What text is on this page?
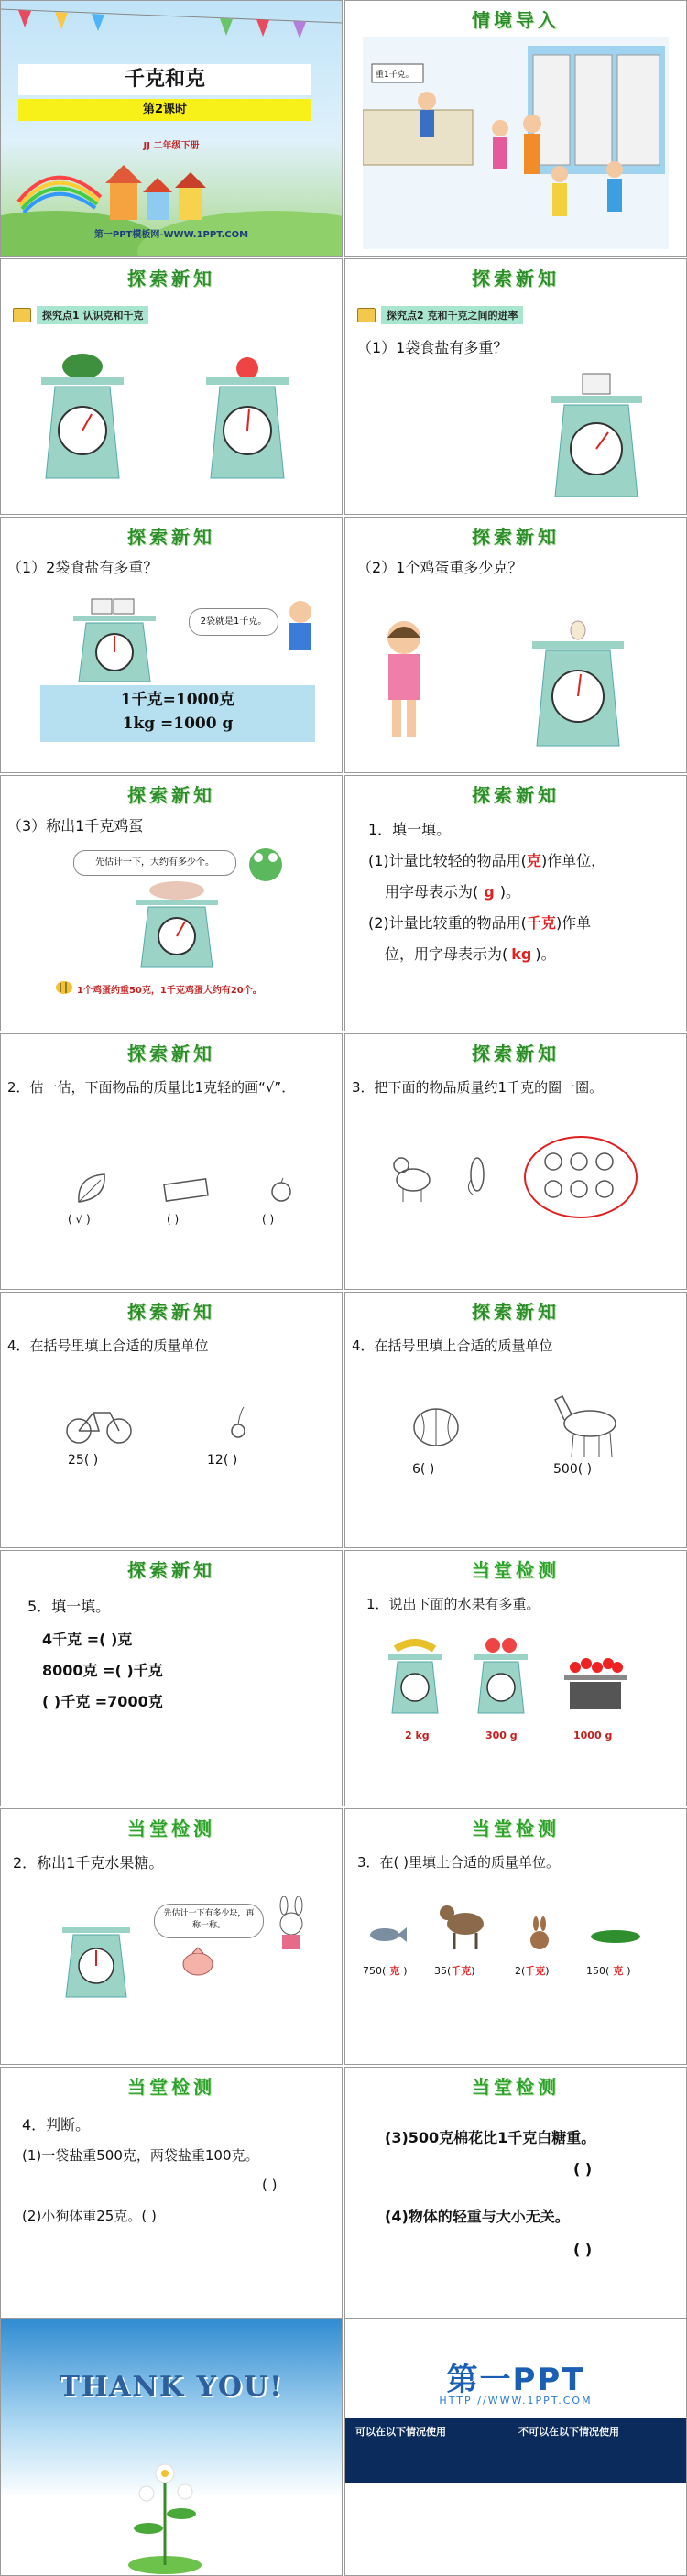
千克和克
第2课时
JJ 二年级下册
第一PPT模板网-WWW.1PPT.COM
情境导入
重1千克。
探索新知
探究点1 认识克和千克
探索新知
探究点2 克和千克之间的进率
（1）1袋食盐有多重？
探索新知
（1）2袋食盐有多重？
2袋就是1千克。
1千克=1000克
1kg =1000 g
探索新知
（2）1个鸡蛋重多少克？
探索新知
（3）称出1千克鸡蛋
先估计一下，大约有多少个。
1个鸡蛋约重50克，1千克鸡蛋大约有20个。
探索新知
1．填一填。
(1)计量比较轻的物品用(克)作单位，
用字母表示为( g )。
(2)计量比较重的物品用(千克)作单
位，用字母表示为( kg )。
探索新知
2．估一估，下面物品的质量比1克轻的画“√”．
( √ )	( )	( )
探索新知
3．把下面的物品质量约1千克的圈一圈。
探索新知
4．在括号里填上合适的质量单位
25( )	12( )
探索新知
4．在括号里填上合适的质量单位
6( )	500( )
探索新知
5．填一填。
4千克 =( )克
8000克 =( )千克
( )千克 =7000克
当堂检测
1．说出下面的水果有多重。
2 kg	300 g	1000 g
当堂检测
2．称出1千克水果糖。
先估计一下有多少块，再称一称。
当堂检测
3．在( )里填上合适的质量单位。
750( 克 )	35(千克)	2(千克)	150( 克 )
当堂检测
4．判断。
(1)一袋盐重500克，两袋盐重100克。
( )
(2)小狗体重25克。( )
当堂检测
(3)500克棉花比1千克白糖重。
( )
(4)物体的轻重与大小无关。
( )
THANK YOU!	第一PPT
HTTP://WWW.1PPT.COM
可以在以下情况使用	不可以在以下情况使用
